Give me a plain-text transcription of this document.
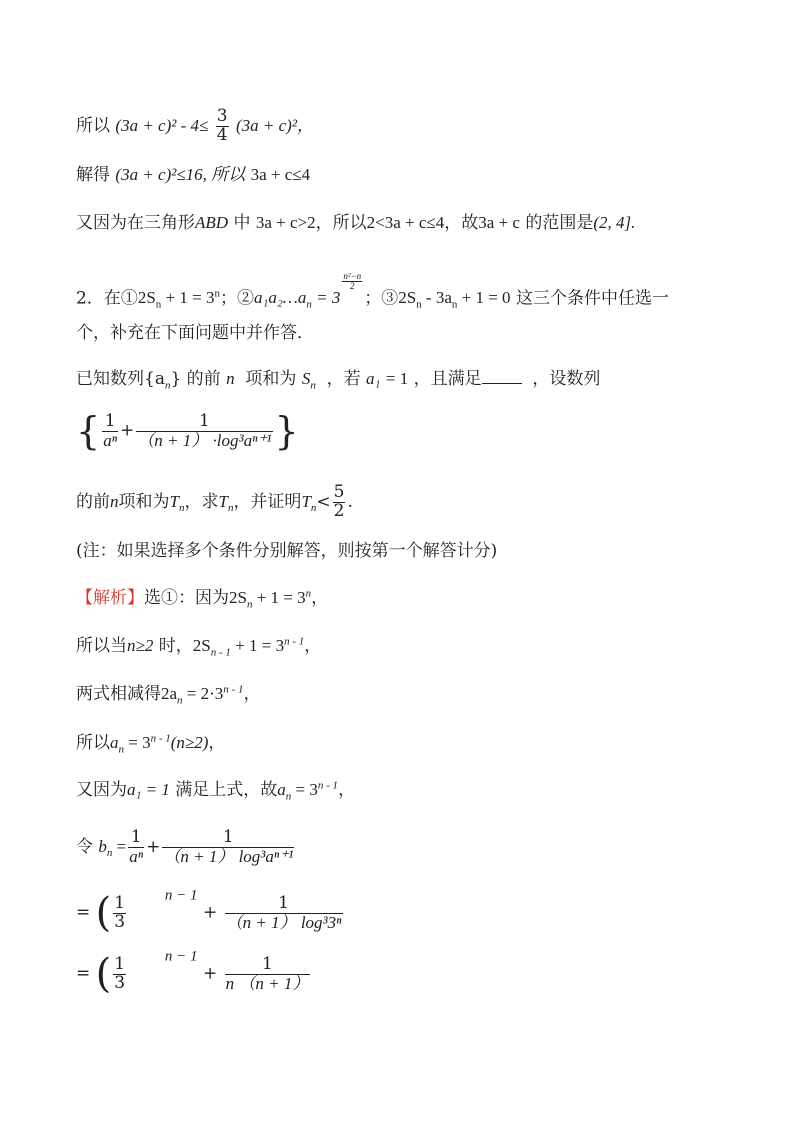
所以 $(3a + c)^2 - 4\le \frac{3}{4} (3a + c)^2$，
解得 (3a + c)²≤16, 所以 3a + c≤4
又因为在三角形ABD 中 3a + c>2，所以2<3a + c≤4，故3a + c 的范围是(2, 4].
2．在$①2S_n + 1 = 3^n$；$②a_1a_2\dots a_n = 3$
$\frac{\text{n²−n}}{2}$
；$③2S_n - 3a_n + 1 = 0$ 这三个条件中任选一
个，补充在下面问题中并作答．
已知数列$\{a_n\}$ 的前 n 项和为 $S_n$ ，若 a₁ = 1 ，且满足	，设数列
{ $\frac{1}{\text{aⁿ}} + \frac{1}{\text{（n + 1） ·log³aⁿ⁺¹}}$ }
的前n项和为$T_n$，求$T_n$，并证明$T_n< \frac{5}{2}$ .
(注：如果选择多个条件分别解答，则按第一个解答计分)
【解析】选①：因为$2S_n + 1 = 3^n$，
所以当n≥2 时，$2S_{n - 1} + 1 = 3^{n - 1}$，
两式相减得$2a_n = 2\cdot 3^{n - 1}$，
所以$a_n = 3^{n - 1}(n\ge 2)$，
又因为a₁ = 1 满足上式，故$a_n = 3^{n - 1}$，
令 $b_n = \frac{1}{\text{aⁿ}} + \frac{1}{\text{（n + 1） log³aⁿ⁺¹}}$
= ( $\frac{1}{3}$	$^{n - 1} + \frac{1}{\text{（n + 1） log³3ⁿ}}$
= ( $\frac{1}{3}$	$^{n - 1} + \frac{1}{n (n + 1)}$
